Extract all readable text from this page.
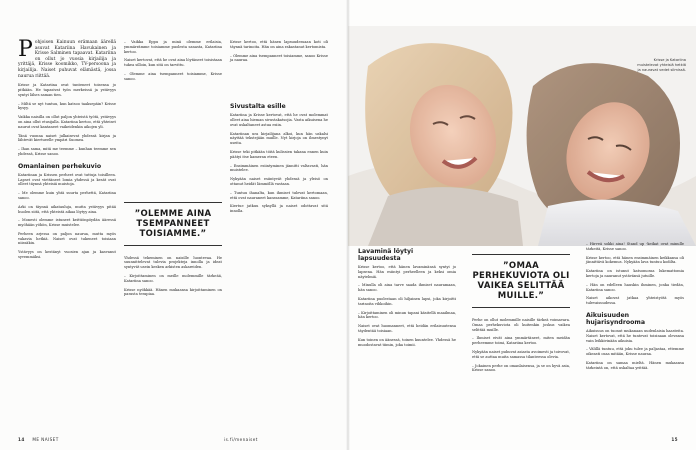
Pohjoisen Kainuun erämaan äärellä asuvat Katariina Havukainen ja Krisse Salminen tapaavat. Katariina on ollut jo vuosia kirjailija ja yrittäjä, Krisse koomikko, TV-persoona ja kirjailija. Naiset puhuvat elämästä, jossa naurua riittää.

Krisse ja Katariina ovat tunteneet toisensa jo pitkään. He tapasivat työn merkeissä ja ystävyys syntyi lähes saman tien.

– Miltä se nyt tuntuu, kun katsoo taaksepäin? Krisse kysyy.

Vaikka naisilla on ollut paljon yhteistä työtä, ystävyys on aina ollut etusijalla. Katariina kertoo, että yhteiset naurut ovat kantaneet vaikeidenkin aikojen yli.

Tänä vuonna naiset julkaisevat yhdessä kirjan ja lähtevät kiertueelle ympäri Suomea.

– Ihan sama, mitä me teemme – kunhan teemme sen yhdessä, Krisse sanoo.

Omanlainen perhekuvio

Katariinan ja Krissen perheet ovat tuttuja toisilleen. Lapset ovat viettäneet lomia yhdessä ja kesät ovat olleet täynnä yhteisiä muistoja.

– Me olemme kuin yhtä suurta perhettä, Katariina sanoo.

Arki on täynnä aikatauluja, mutta ystävyys pitää huolen siitä, että yhteistä aikaa löytyy aina.

– Monesti olemme istuneet keittiönpöydän ääressä myöhään yöhön, Krisse muistelee.

Perheen arjessa on paljon naurua, mutta myös vakavia hetkiä. Naiset ovat tukeneet toisiaan niissäkin.

Ystävyys on kestänyt vuosien ajan ja kasvanut syvemmäksi.

– Vaikka Eppu ja minä olemme erilaisia, ymmärrämme toisiamme puolesta sanasta, Katariina kertoo.

Naiset kertovat, että he ovat aina löytäneet toisistaan tukea silloin, kun sitä on tarvittu.

– Olemme aina tsempanneet toisiamme, Krisse sanoo.

”OLEMME AINA TSEMPANNEET TOISIAMME.”

Yhdessä tekeminen on naisille luontevaa. He suunnittelevat tulevia projekteja innolla ja ideat syntyvät usein kesken arkisten askareiden.

– Kirjoittaminen on meille molemmille tärkeää, Katariina sanoo.

Krisse nyökkää. Hänen mukaansa kirjoittaminen on parasta terapiaa.

Krisse kertoo, että hänen lapsuudessaan koti oli täynnä tarinoita. Hän on aina rakastanut kertomista.

– Olemme aina tsempanneet toisiamme, sanoo Krisse ja nauraa.

Sivustalta esille

Katariina ja Krisse kertovat, että he ovat molemmat olleet aina hieman sivustakatsojia. Vasta aikuisena he ovat uskaltaneet astua esiin.

Katariinan ura kirjailijana alkoi, kun hän uskalsi näyttää tekstejään muille. Nyt kirjoja on ilmestynyt useita.

Krisse teki pitkään töitä kulissien takana ennen kuin päätyi itse kameran eteen.

– Ensimmäinen esiintyminen jännitti valtavasti, hän muistelee.

Nykyään naiset esiintyvät yhdessä ja yleisö on ottanut heidät lämmöllä vastaan.

– Tuntuu ihanalta, kun ihmiset tulevat kertomaan, että ovat nauraneet kanssamme, Katariina sanoo.

Kiertue jatkuu syksyllä ja naiset odottavat sitä innolla.

14 ME NAISET	is.fi/menaiset
Krisse ja Katariina muistelevat yhteisiä hetkiä ja nauravat vedet silmissä.
Lavaminä löytyi lapsuudesta

Krisse kertoo, että hänen lavaminänsä syntyi jo lapsena. Hän esiintyi perheelleen ja keksi omia näytelmiä.

– Minulla oli aina tarve saada ihmiset nauramaan, hän sanoo.

Katariina puolestaan oli hiljainen lapsi, joka kirjoitti tarinoita vihkoihin.

– Kirjoittaminen oli minun tapani käsitellä maailmaa, hän kertoo.

Naiset ovat huomanneet, että heidän erilaisuutensa täydentää toisiaan.

Kun toinen on äänessä, toinen kuuntelee. Yhdessä he muodostavat tiimin, joka toimii.

”OMAA PERHEKUVIOTA OLI VAIKEA SELITTÄÄ MUILLE.”

Perhe on ollut molemmille naisille tärkeä voimavara. Omaa perhekuviota oli kuitenkin joskus vaikea selittää muille.

– Ihmiset eivät aina ymmärtäneet, miten meidän perheemme toimi, Katariina kertoo.

Nykyään naiset puhuvat asiasta avoimesti ja toivovat, että se auttaa muita samassa tilanteessa olevia.

– Jokainen perhe on omanlaisensa, ja se on hyvä asia, Krisse sanoo.

– Hirveä sokki aina! Stand up -keikat ovat minulle tärkeitä, Krisse sanoo.

Krisse kertoo, että hänen ensimmäinen keikkansa oli jännittävä kokemus. Nykyään lava tuntuu kodilta.

Katariina on istunut katsomossa lukemattomia kertoja ja nauranut ystävänsä jutuille.

– Hän on edelleen hauskin ihminen, jonka tiedän, Katariina sanoo.

Naiset aikovat jatkaa yhteistyötä myös tulevaisuudessa.

Aikuisuuden hujarisyndrooma

Aikuisuus on tuonut mukanaan uudenlaisia haasteita. Naiset kertovat, että he tuntevat toisinaan olevansa vain leikkivinään aikuisia.

– Välillä tuntuu, että joku tulee ja paljastaa, ettemme oikeasti osaa mitään, Krisse nauraa.

Katariina on samaa mieltä. Hänen mukaansa tärkeintä on, että uskaltaa yrittää.

15
